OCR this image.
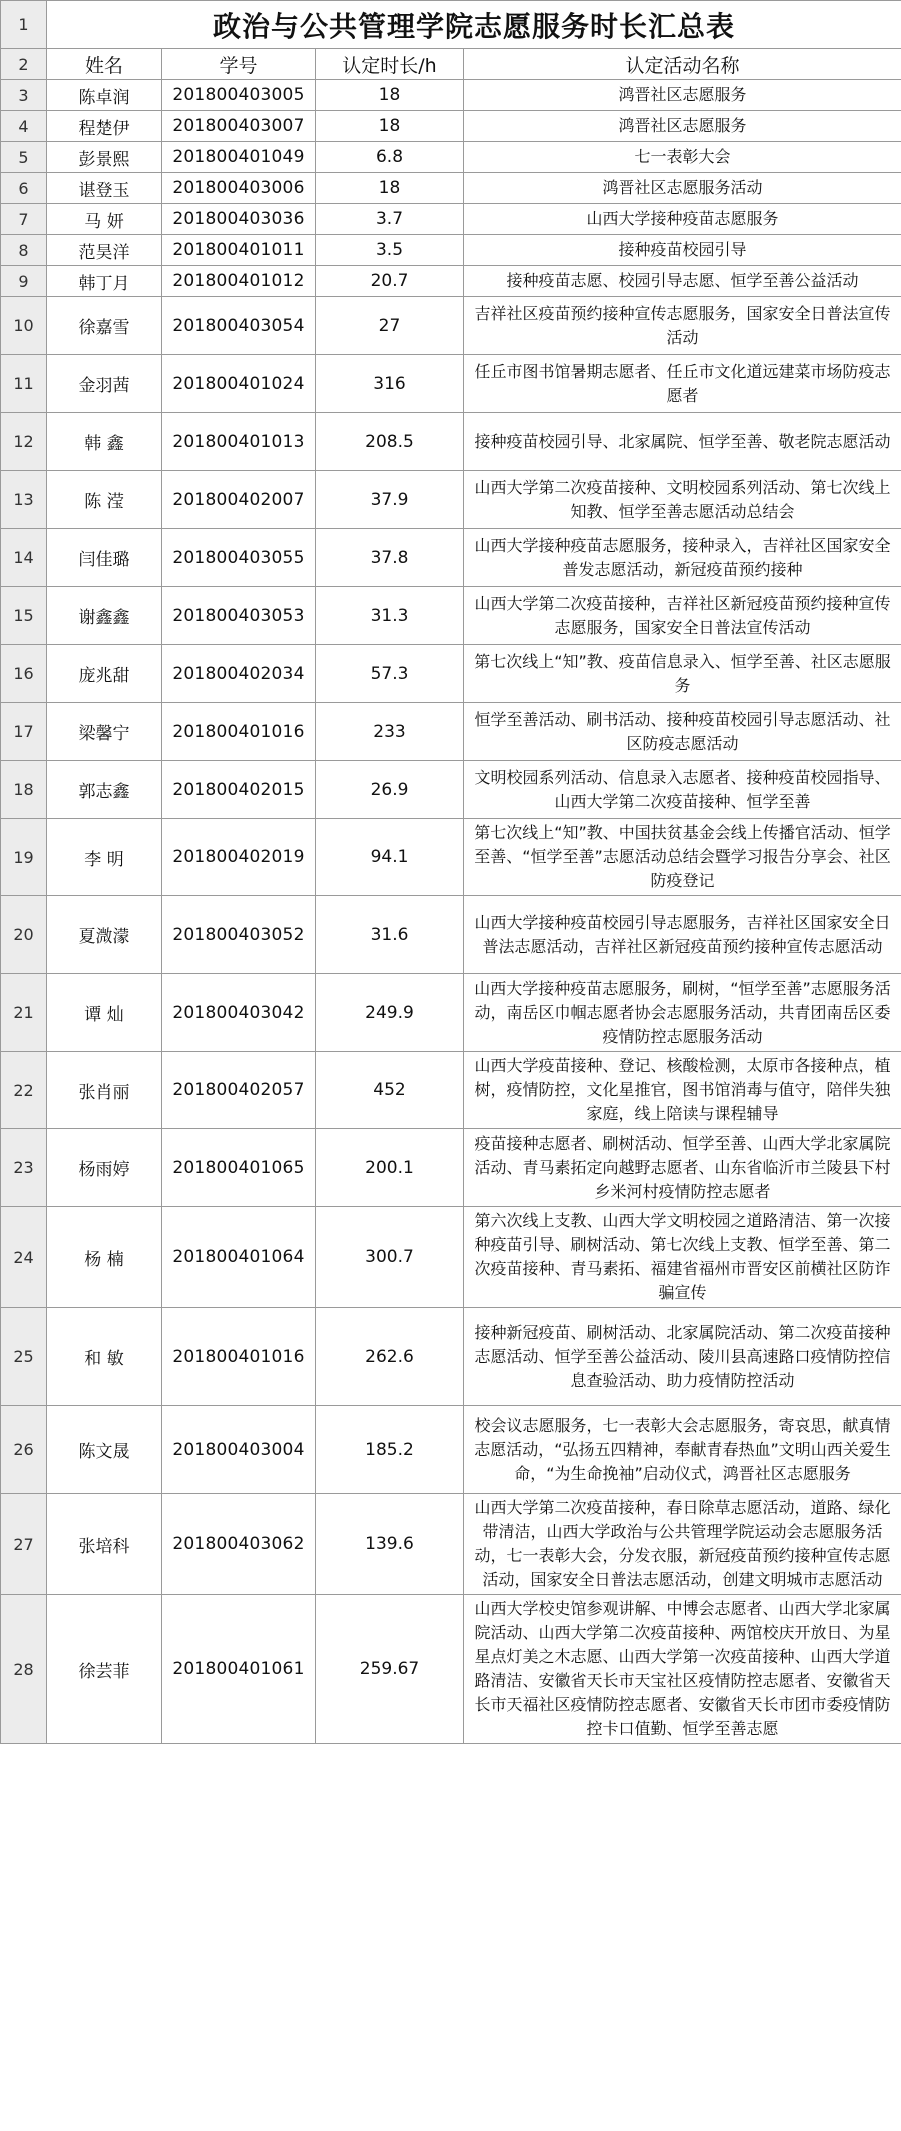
1	政治与公共管理学院志愿服务时长汇总表			
2	姓名	学号	认定时长/h	认定活动名称
3	陈卓润	201800403005	18	鸿晋社区志愿服务
4	程楚伊	201800403007	18	鸿晋社区志愿服务
5	彭景熙	201800401049	6.8	七一表彰大会
6	谌登玉	201800403006	18	鸿晋社区志愿服务活动
7	马 妍	201800403036	3.7	山西大学接种疫苗志愿服务
8	范昊洋	201800401011	3.5	接种疫苗校园引导
9	韩丁月	201800401012	20.7	接种疫苗志愿、校园引导志愿、恒学至善公益活动
10	徐嘉雪	201800403054	27	吉祥社区疫苗预约接种宣传志愿服务，国家安全日普法宣传活动
11	金羽茜	201800401024	316	任丘市图书馆暑期志愿者、任丘市文化道远建菜市场防疫志愿者
12	韩 鑫	201800401013	208.5	接种疫苗校园引导、北家属院、恒学至善、敬老院志愿活动
13	陈 滢	201800402007	37.9	山西大学第二次疫苗接种、文明校园系列活动、第七次线上知教、恒学至善志愿活动总结会
14	闫佳璐	201800403055	37.8	山西大学接种疫苗志愿服务，接种录入，吉祥社区国家安全普发志愿活动，新冠疫苗预约接种
15	谢鑫鑫	201800403053	31.3	山西大学第二次疫苗接种，吉祥社区新冠疫苗预约接种宣传志愿服务，国家安全日普法宣传活动
16	庞兆甜	201800402034	57.3	第七次线上“知”教、疫苗信息录入、恒学至善、社区志愿服务
17	梁馨宁	201800401016	233	恒学至善活动、刷书活动、接种疫苗校园引导志愿活动、社区防疫志愿活动
18	郭志鑫	201800402015	26.9	文明校园系列活动、信息录入志愿者、接种疫苗校园指导、山西大学第二次疫苗接种、恒学至善
19	李 明	201800402019	94.1	第七次线上“知”教、中国扶贫基金会线上传播官活动、恒学至善、“恒学至善”志愿活动总结会暨学习报告分享会、社区防疫登记
20	夏溦濛	201800403052	31.6	山西大学接种疫苗校园引导志愿服务，吉祥社区国家安全日普法志愿活动，吉祥社区新冠疫苗预约接种宣传志愿活动
21	谭 灿	201800403042	249.9	山西大学接种疫苗志愿服务，刷树，“恒学至善”志愿服务活动，南岳区巾帼志愿者协会志愿服务活动，共青团南岳区委疫情防控志愿服务活动
22	张肖丽	201800402057	452	山西大学疫苗接种、登记、核酸检测，太原市各接种点，植树，疫情防控，文化星推官，图书馆消毒与值守，陪伴失独家庭，线上陪读与课程辅导
23	杨雨婷	201800401065	200.1	疫苗接种志愿者、刷树活动、恒学至善、山西大学北家属院活动、青马素拓定向越野志愿者、山东省临沂市兰陵县下村乡米河村疫情防控志愿者
24	杨 楠	201800401064	300.7	第六次线上支教、山西大学文明校园之道路清洁、第一次接种疫苗引导、刷树活动、第七次线上支教、恒学至善、第二次疫苗接种、青马素拓、福建省福州市晋安区前横社区防诈骗宣传
25	和 敏	201800401016	262.6	接种新冠疫苗、刷树活动、北家属院活动、第二次疫苗接种志愿活动、恒学至善公益活动、陵川县高速路口疫情防控信息查验活动、助力疫情防控活动
26	陈文晟	201800403004	185.2	校会议志愿服务，七一表彰大会志愿服务，寄哀思，献真情志愿活动，“弘扬五四精神，奉献青春热血”文明山西关爱生命，“为生命挽袖”启动仪式，鸿晋社区志愿服务
27	张培科	201800403062	139.6	山西大学第二次疫苗接种，春日除草志愿活动，道路、绿化带清洁，山西大学政治与公共管理学院运动会志愿服务活动，七一表彰大会，分发衣服，新冠疫苗预约接种宣传志愿活动，国家安全日普法志愿活动，创建文明城市志愿活动
28	徐芸菲	201800401061	259.67	山西大学校史馆参观讲解、中博会志愿者、山西大学北家属院活动、山西大学第二次疫苗接种、两馆校庆开放日、为星星点灯美之木志愿、山西大学第一次疫苗接种、山西大学道路清洁、安徽省天长市天宝社区疫情防控志愿者、安徽省天长市天福社区疫情防控志愿者、安徽省天长市团市委疫情防控卡口值勤、恒学至善志愿
